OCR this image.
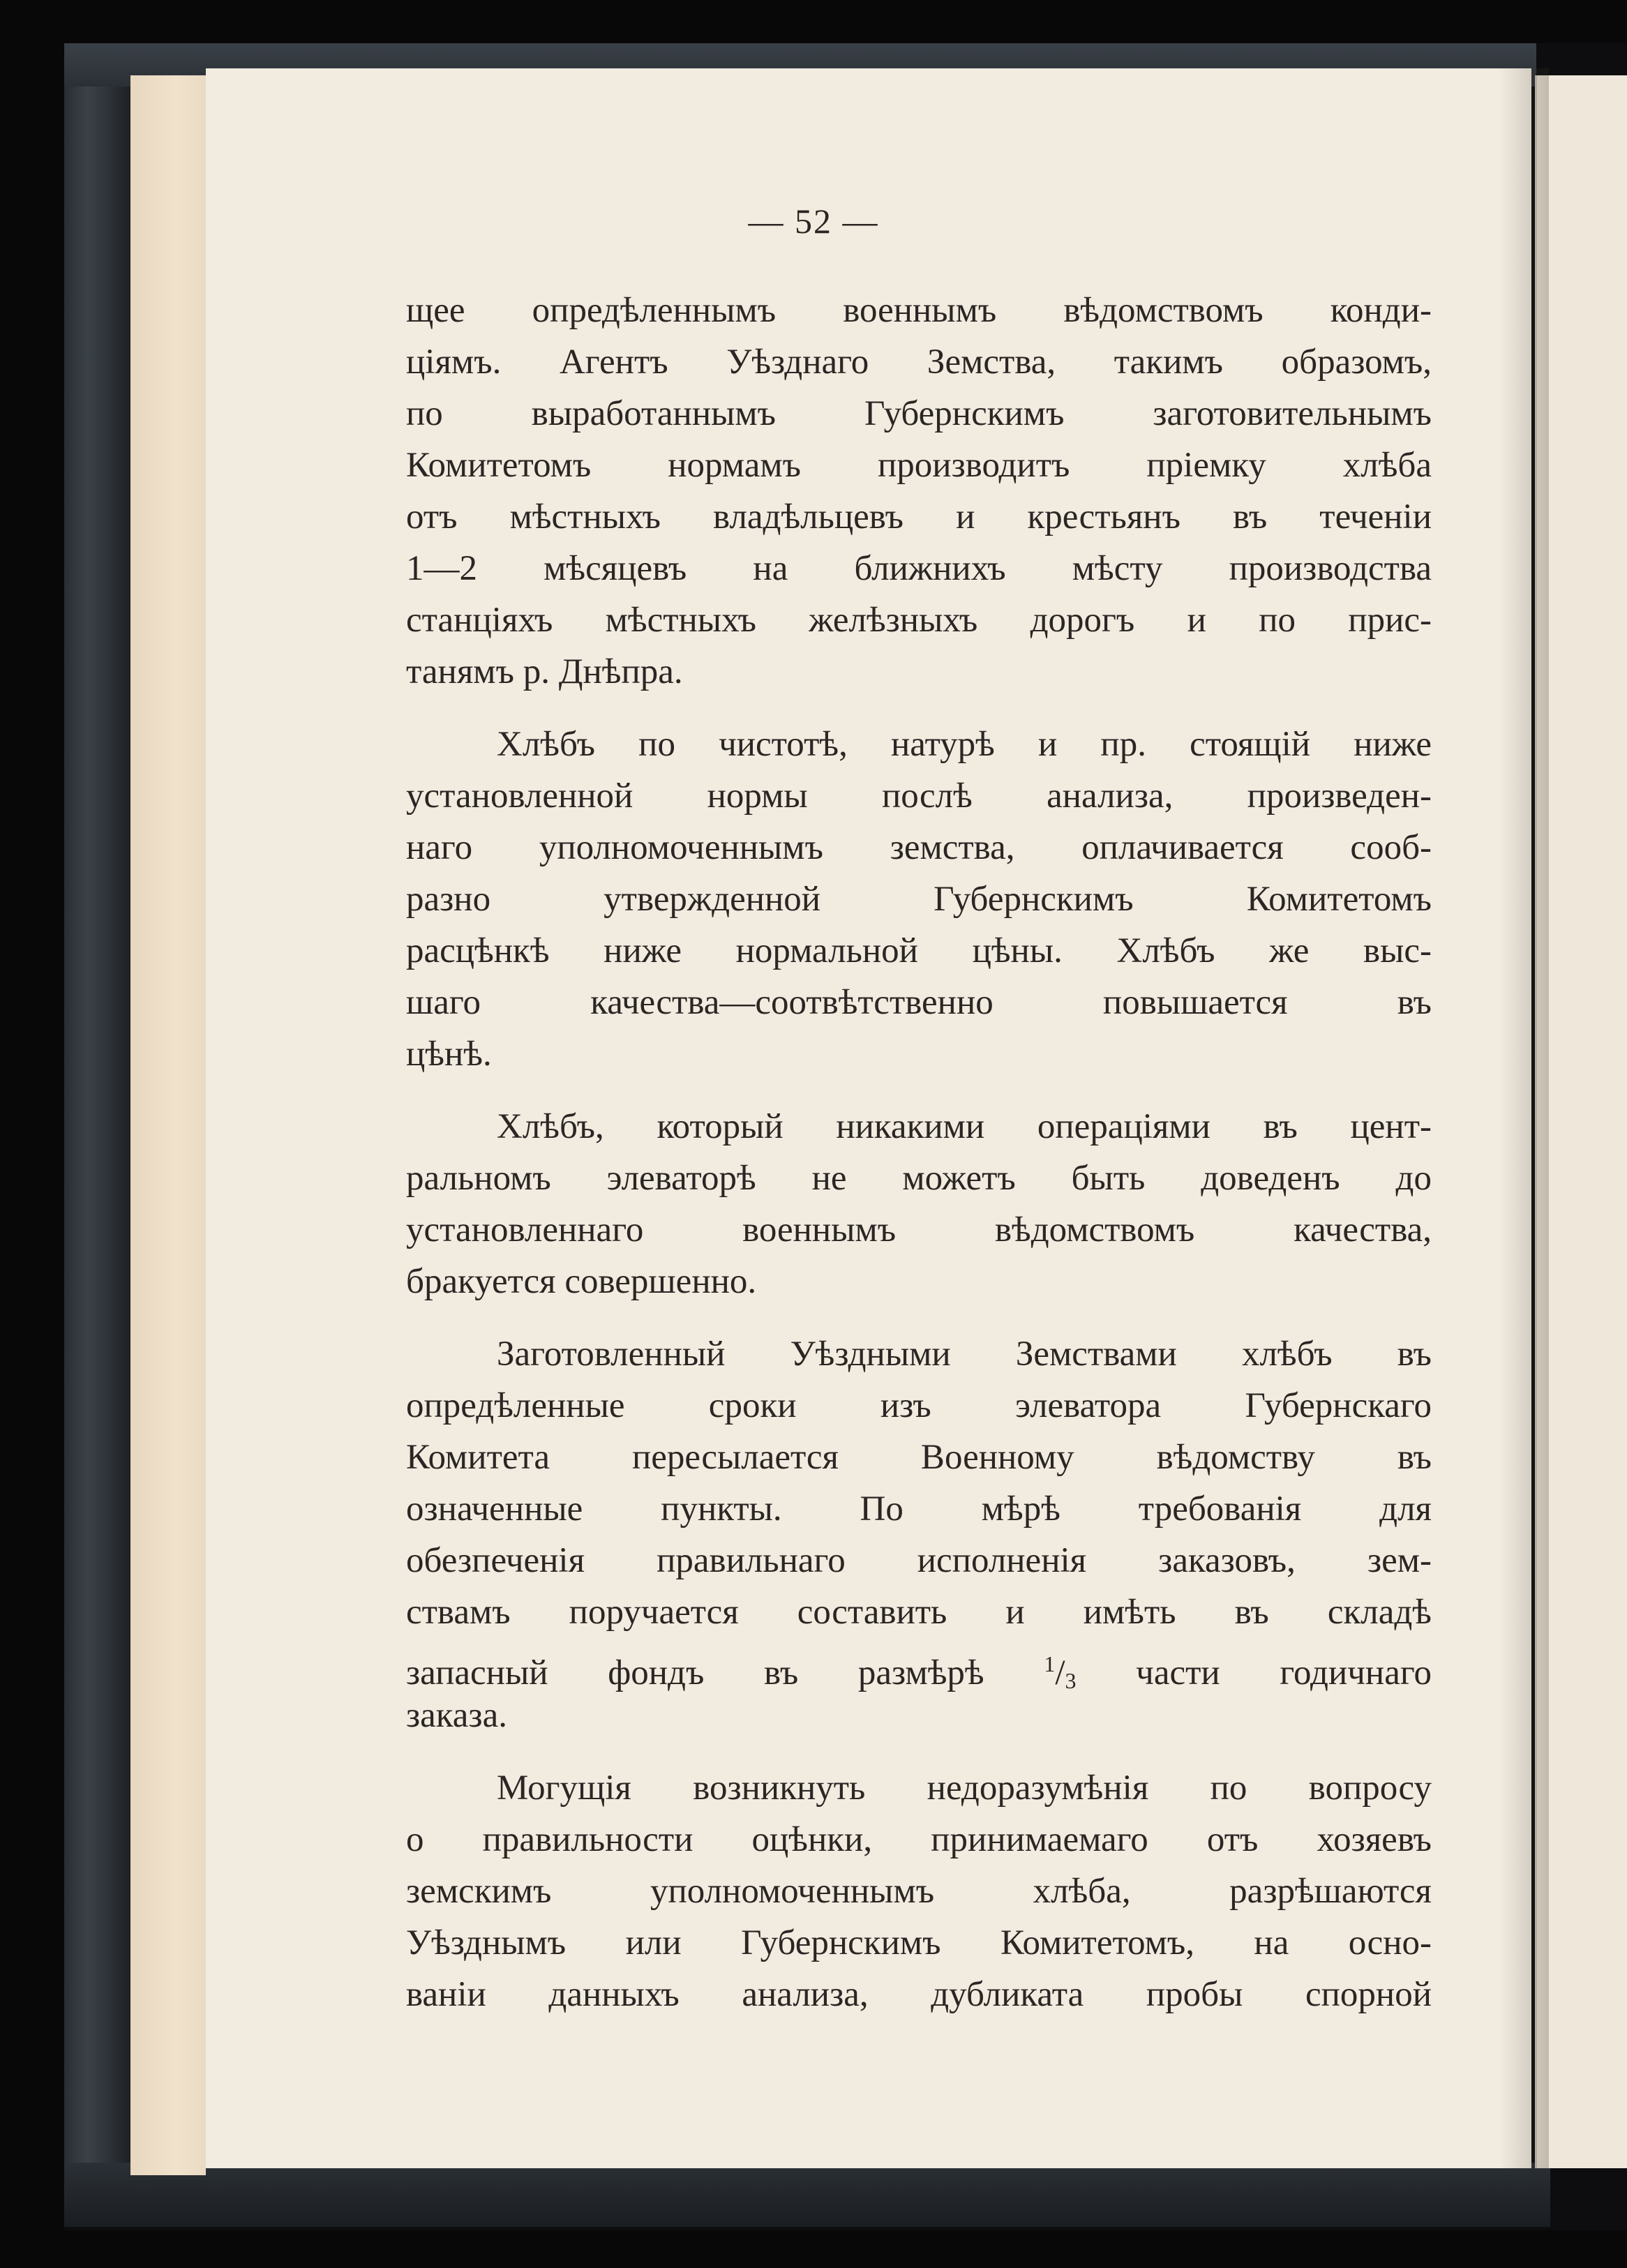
— 52 —
щее опредѣленнымъ военнымъ вѣдомствомъ конди-
ціямъ. Агентъ Уѣзднаго Земства, такимъ образомъ,
по выработаннымъ Губернскимъ заготовительнымъ
Комитетомъ нормамъ производитъ пріемку хлѣба
отъ мѣстныхъ владѣльцевъ и крестьянъ въ теченіи
1—2 мѣсяцевъ на ближнихъ мѣсту производства
станціяхъ мѣстныхъ желѣзныхъ дорогъ и по прис-
танямъ р. Днѣпра.
Хлѣбъ по чистотѣ, натурѣ и пр. стоящій ниже
установленной нормы послѣ анализа, произведен-
наго уполномоченнымъ земства, оплачивается сооб-
разно утвержденной Губернскимъ Комитетомъ
расцѣнкѣ ниже нормальной цѣны. Хлѣбъ же выс-
шаго качества—соотвѣтственно повышается въ
цѣнѣ.
Хлѣбъ, который никакими операціями въ цент-
ральномъ элеваторѣ не можетъ быть доведенъ до
установленнаго военнымъ вѣдомствомъ качества,
бракуется совершенно.
Заготовленный Уѣздными Земствами хлѣбъ въ
опредѣленные сроки изъ элеватора Губернскаго
Комитета пересылается Военному вѣдомству въ
означенные пункты. По мѣрѣ требованія для
обезпеченія правильнаго исполненія заказовъ, зем-
ствамъ поручается составить и имѣть въ складѣ
запасный фондъ въ размѣрѣ	$^1$/3 части годичнаго
заказа.
Могущія возникнуть недоразумѣнія по вопросу
о правильности оцѣнки, принимаемаго отъ хозяевъ
земскимъ уполномоченнымъ хлѣба, разрѣшаются
Уѣзднымъ или Губернскимъ Комитетомъ, на осно-
ваніи данныхъ анализа, дубликата пробы спорной
